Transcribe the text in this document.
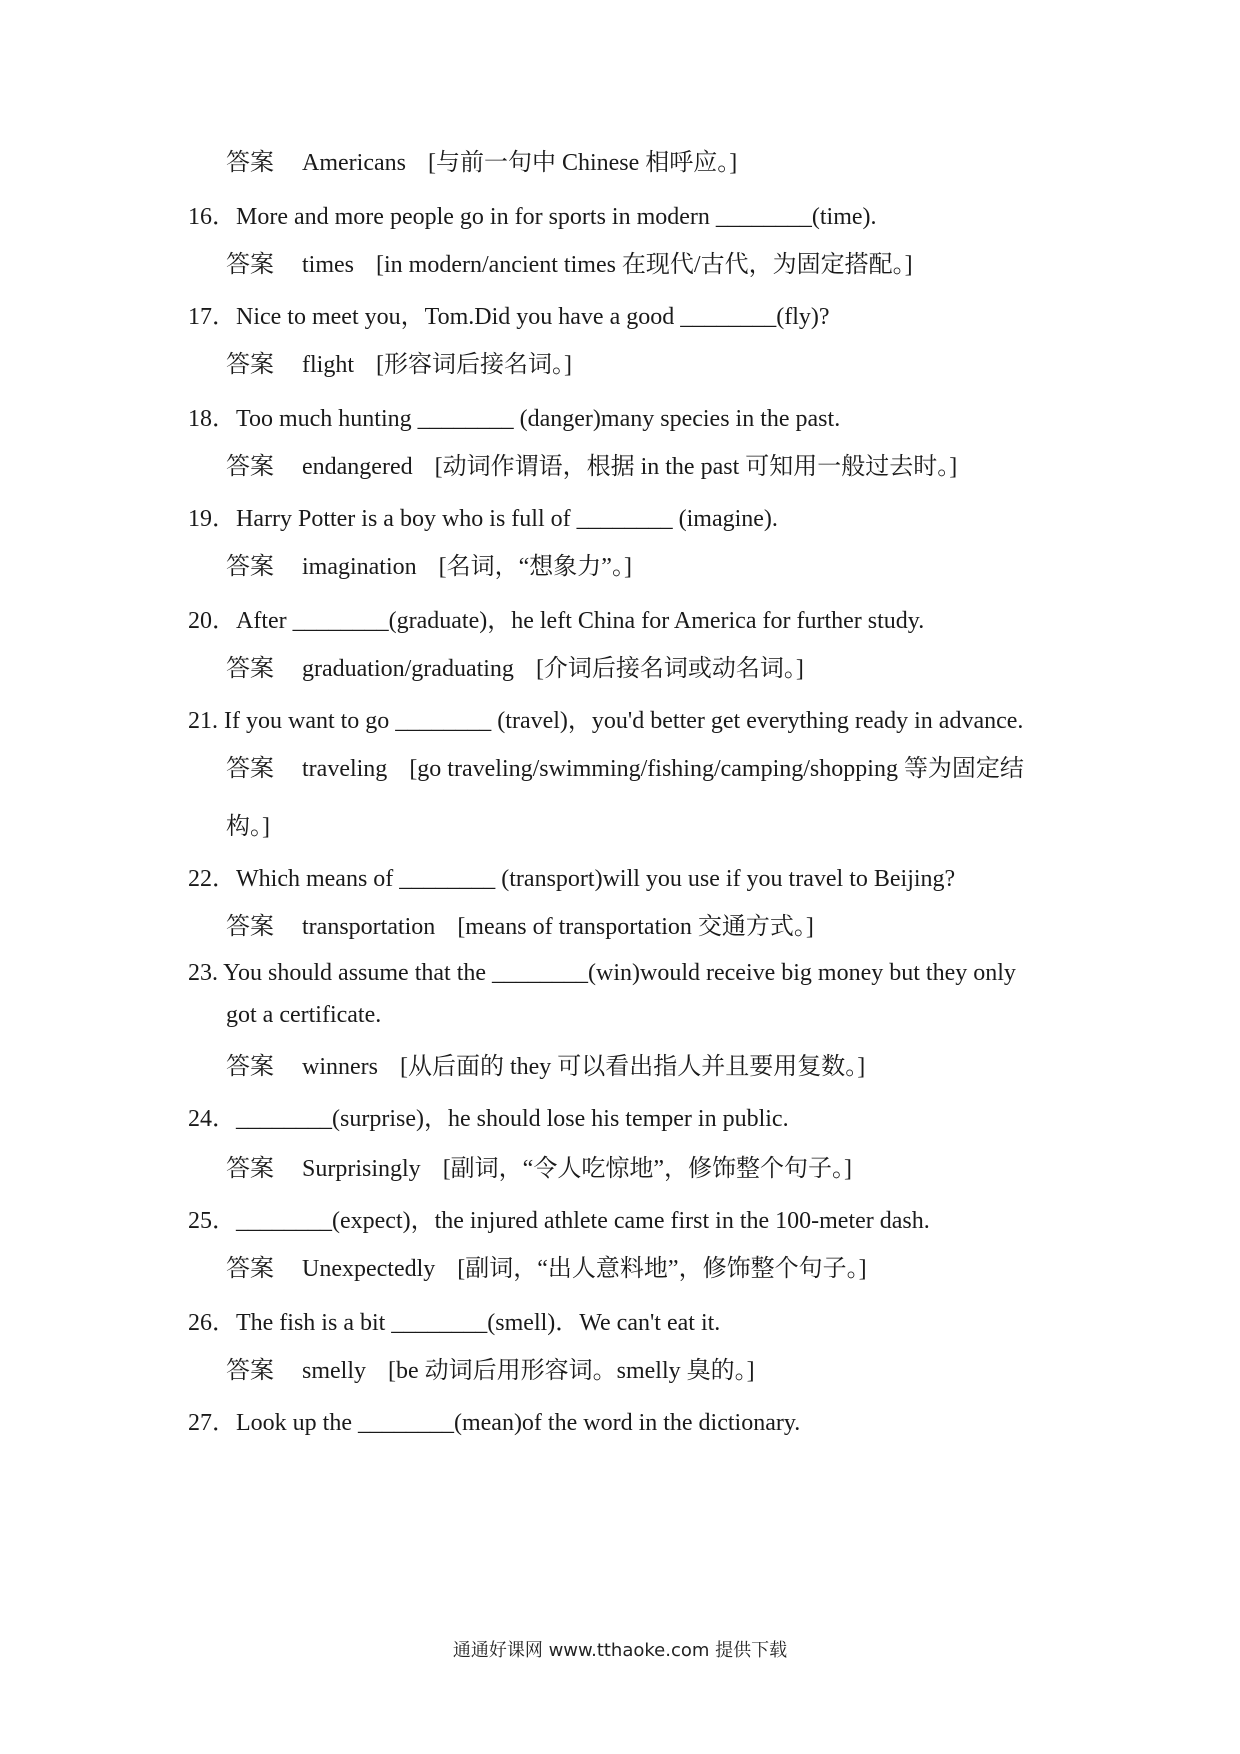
答案 Americans [与前一句中 Chinese 相呼应。]
16．More and more people go in for sports in modern ________(time).
答案 times [in modern/ancient times 在现代/古代，为固定搭配。]
17．Nice to meet you，Tom.Did you have a good ________(fly)?
答案 flight [形容词后接名词。]
18．Too much hunting ________ (danger)many species in the past.
答案 endangered [动词作谓语，根据 in the past 可知用一般过去时。]
19．Harry Potter is a boy who is full of ________ (imagine).
答案 imagination [名词，“想象力”。]
20．After ________(graduate)，he left China for America for further study.
答案 graduation/graduating [介词后接名词或动名词。]
21. If you want to go ________ (travel)，you'd better get everything ready in advance.
答案 traveling [go traveling/swimming/fishing/camping/shopping 等为固定结
构。]
22．Which means of ________ (transport)will you use if you travel to Beijing?
答案 transportation [means of transportation 交通方式。]
23. You should assume that the ________(win)would receive big money but they only
got a certificate.
答案 winners [从后面的 they 可以看出指人并且要用复数。]
24．________(surprise)，he should lose his temper in public.
答案 Surprisingly [副词，“令人吃惊地”，修饰整个句子。]
25．________(expect)，the injured athlete came first in the 100-meter dash.
答案 Unexpectedly [副词，“出人意料地”，修饰整个句子。]
26．The fish is a bit ________(smell)．We can't eat it.
答案 smelly [be 动词后用形容词。smelly 臭的。]
27．Look up the ________(mean)of the word in the dictionary.
通通好课网 www.tthaoke.com 提供下载
